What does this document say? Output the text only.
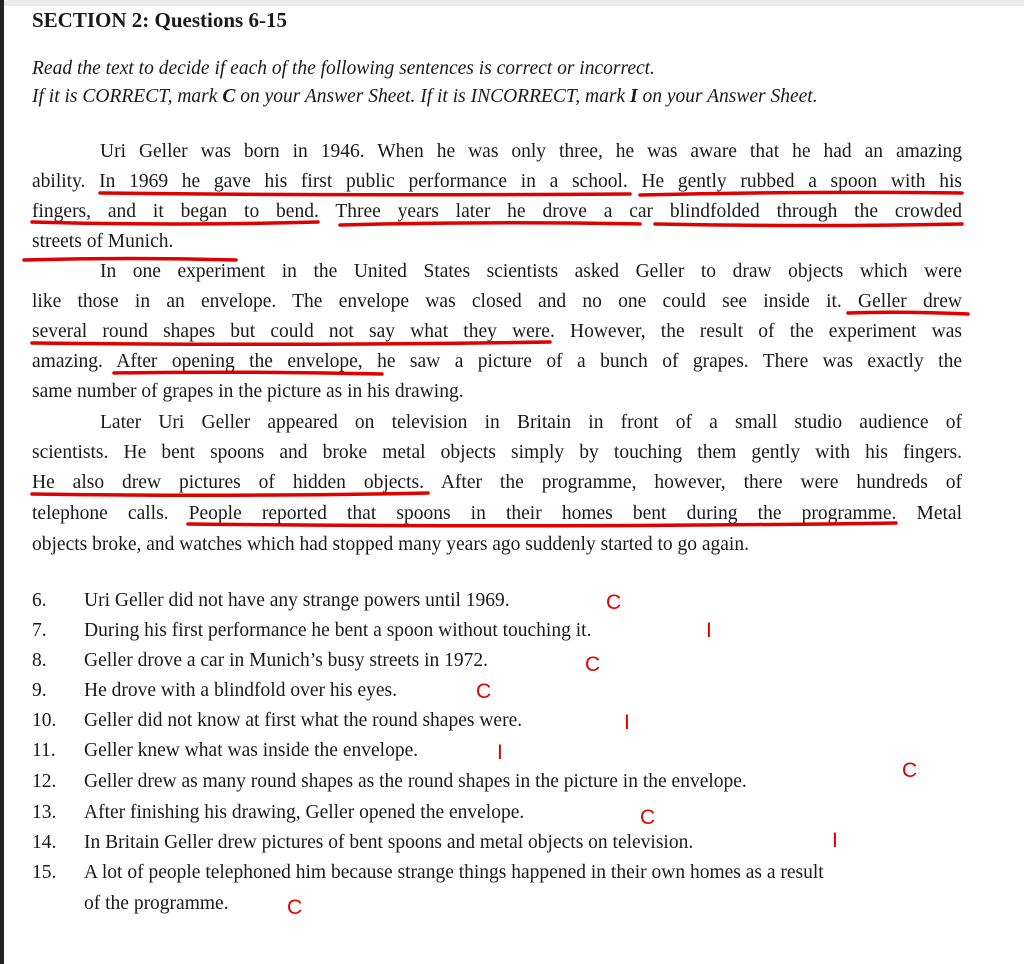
SECTION 2: Questions 6-15
Read the text to decide if each of the following sentences is correct or incorrect.
If it is CORRECT, mark C on your Answer Sheet. If it is INCORRECT, mark I on your Answer Sheet.
Uri Geller was born in 1946. When he was only three, he was aware that he had an amazing
ability. In 1969 he gave his first public performance in a school. He gently rubbed a spoon with his
fingers, and it began to bend. Three years later he drove a car blindfolded through the crowded
streets of Munich.
In one experiment in the United States scientists asked Geller to draw objects which were
like those in an envelope. The envelope was closed and no one could see inside it. Geller drew
several round shapes but could not say what they were. However, the result of the experiment was
amazing. After opening the envelope, he saw a picture of a bunch of grapes. There was exactly the
same number of grapes in the picture as in his drawing.
Later Uri Geller appeared on television in Britain in front of a small studio audience of
scientists. He bent spoons and broke metal objects simply by touching them gently with his fingers.
He also drew pictures of hidden objects. After the programme, however, there were hundreds of
telephone calls. People reported that spoons in their homes bent during the programme. Metal
objects broke, and watches which had stopped many years ago suddenly started to go again.
6. Uri Geller did not have any strange powers until 1969.
7. During his first performance he bent a spoon without touching it.
8. Geller drove a car in Munich’s busy streets in 1972.
9. He drove with a blindfold over his eyes.
10. Geller did not know at first what the round shapes were.
11. Geller knew what was inside the envelope.
12. Geller drew as many round shapes as the round shapes in the picture in the envelope.
13. After finishing his drawing, Geller opened the envelope.
14. In Britain Geller drew pictures of bent spoons and metal objects on television.
15. A lot of people telephoned him because strange things happened in their own homes as a result
of the programme.
C
I
C
C
I
I
C
C
I
C
